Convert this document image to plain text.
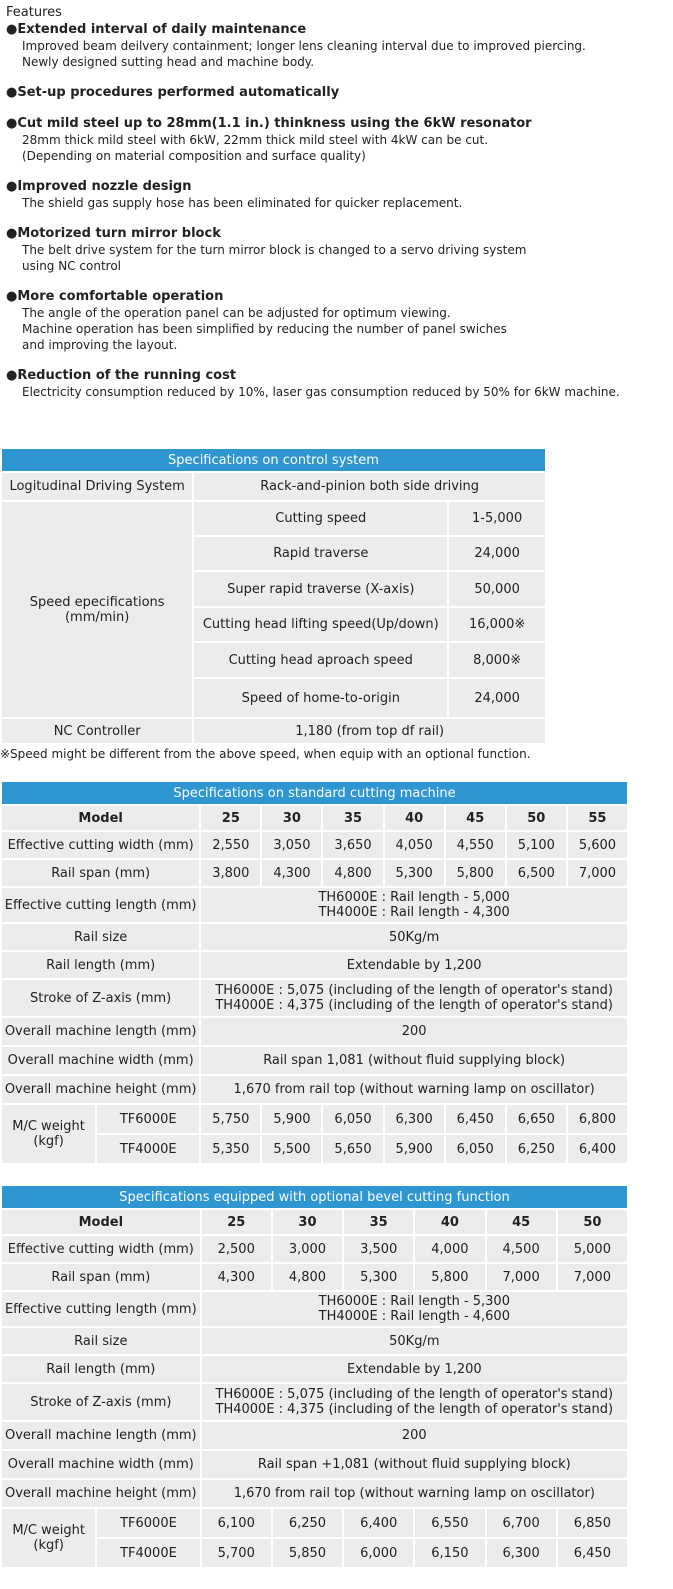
Features
●Extended interval of daily maintenance
Improved beam deilvery containment; longer lens cleaning interval due to improved piercing.
Newly designed sutting head and machine body.
●Set-up procedures performed automatically
●Cut mild steel up to 28mm(1.1 in.) thinkness using the 6kW resonator
28mm thick mild steel with 6kW, 22mm thick mild steel with 4kW can be cut.
(Depending on material composition and surface quality)
●Improved nozzle design
The shield gas supply hose has been eliminated for quicker replacement.
●Motorized turn mirror block
The belt drive system for the turn mirror block is changed to a servo driving system
using NC control
●More comfortable operation
The angle of the operation panel can be adjusted for optimum viewing.
Machine operation has been simplified by reducing the number of panel swiches
and improving the layout.
●Reduction of the running cost
Electricity consumption reduced by 10%, laser gas consumption reduced by 50% for 6kW machine.
Specifications on control system		
Logitudinal Driving System	Rack-and-pinion both side driving	
Speed epecifications
(mm/min)	Cutting speed	1-5,000
	Rapid traverse	24,000
	Super rapid traverse (X-axis)	50,000
	Cutting head lifting speed(Up/down)	16,000※
	Cutting head aproach speed	8,000※
	Speed of home-to-origin	24,000
NC Controller	1,180 (from top df rail)	
※Speed might be different from the above speed, when equip with an optional function.
Specifications on standard cutting machine								
Model		25	30	35	40	45	50	55
Effective cutting width (mm)		2,550	3,050	3,650	4,050	4,550	5,100	5,600
Rail span (mm)		3,800	4,300	4,800	5,300	5,800	6,500	7,000
Effective cutting length (mm)		TH6000E : Rail length - 5,000
TH4000E : Rail length - 4,300						

Rail size		50Kg/m						
Rail length (mm)		Extendable by 1,200						
Stroke of Z-axis (mm)		TH6000E : 5,075 (including of the length of operator's stand)
TH4000E : 4,375 (including of the length of operator's stand)						

Overall machine length (mm)		200						
Overall machine width (mm)		Rail span 1,081 (without fluid supplying block)						
Overall machine height (mm)		1,670 from rail top (without warning lamp on oscillator)						
M/C weight
(kgf)	TF6000E	5,750	5,900	6,050	6,300	6,450	6,650	6,800
	TF4000E	5,350	5,500	5,650	5,900	6,050	6,250	6,400
Specifications equipped with optional bevel cutting function							
Model		25	30	35	40	45	50
Effective cutting width (mm)		2,500	3,000	3,500	4,000	4,500	5,000
Rail span (mm)		4,300	4,800	5,300	5,800	7,000	7,000
Effective cutting length (mm)		TH6000E : Rail length - 5,300
TH4000E : Rail length - 4,600					

Rail size		50Kg/m					
Rail length (mm)		Extendable by 1,200					
Stroke of Z-axis (mm)		TH6000E : 5,075 (including of the length of operator's stand)
TH4000E : 4,375 (including of the length of operator's stand)					

Overall machine length (mm)		200					
Overall machine width (mm)		Rail span +1,081 (without fluid supplying block)					
Overall machine height (mm)		1,670 from rail top (without warning lamp on oscillator)					
M/C weight
(kgf)	TF6000E	6,100	6,250	6,400	6,550	6,700	6,850
	TF4000E	5,700	5,850	6,000	6,150	6,300	6,450
